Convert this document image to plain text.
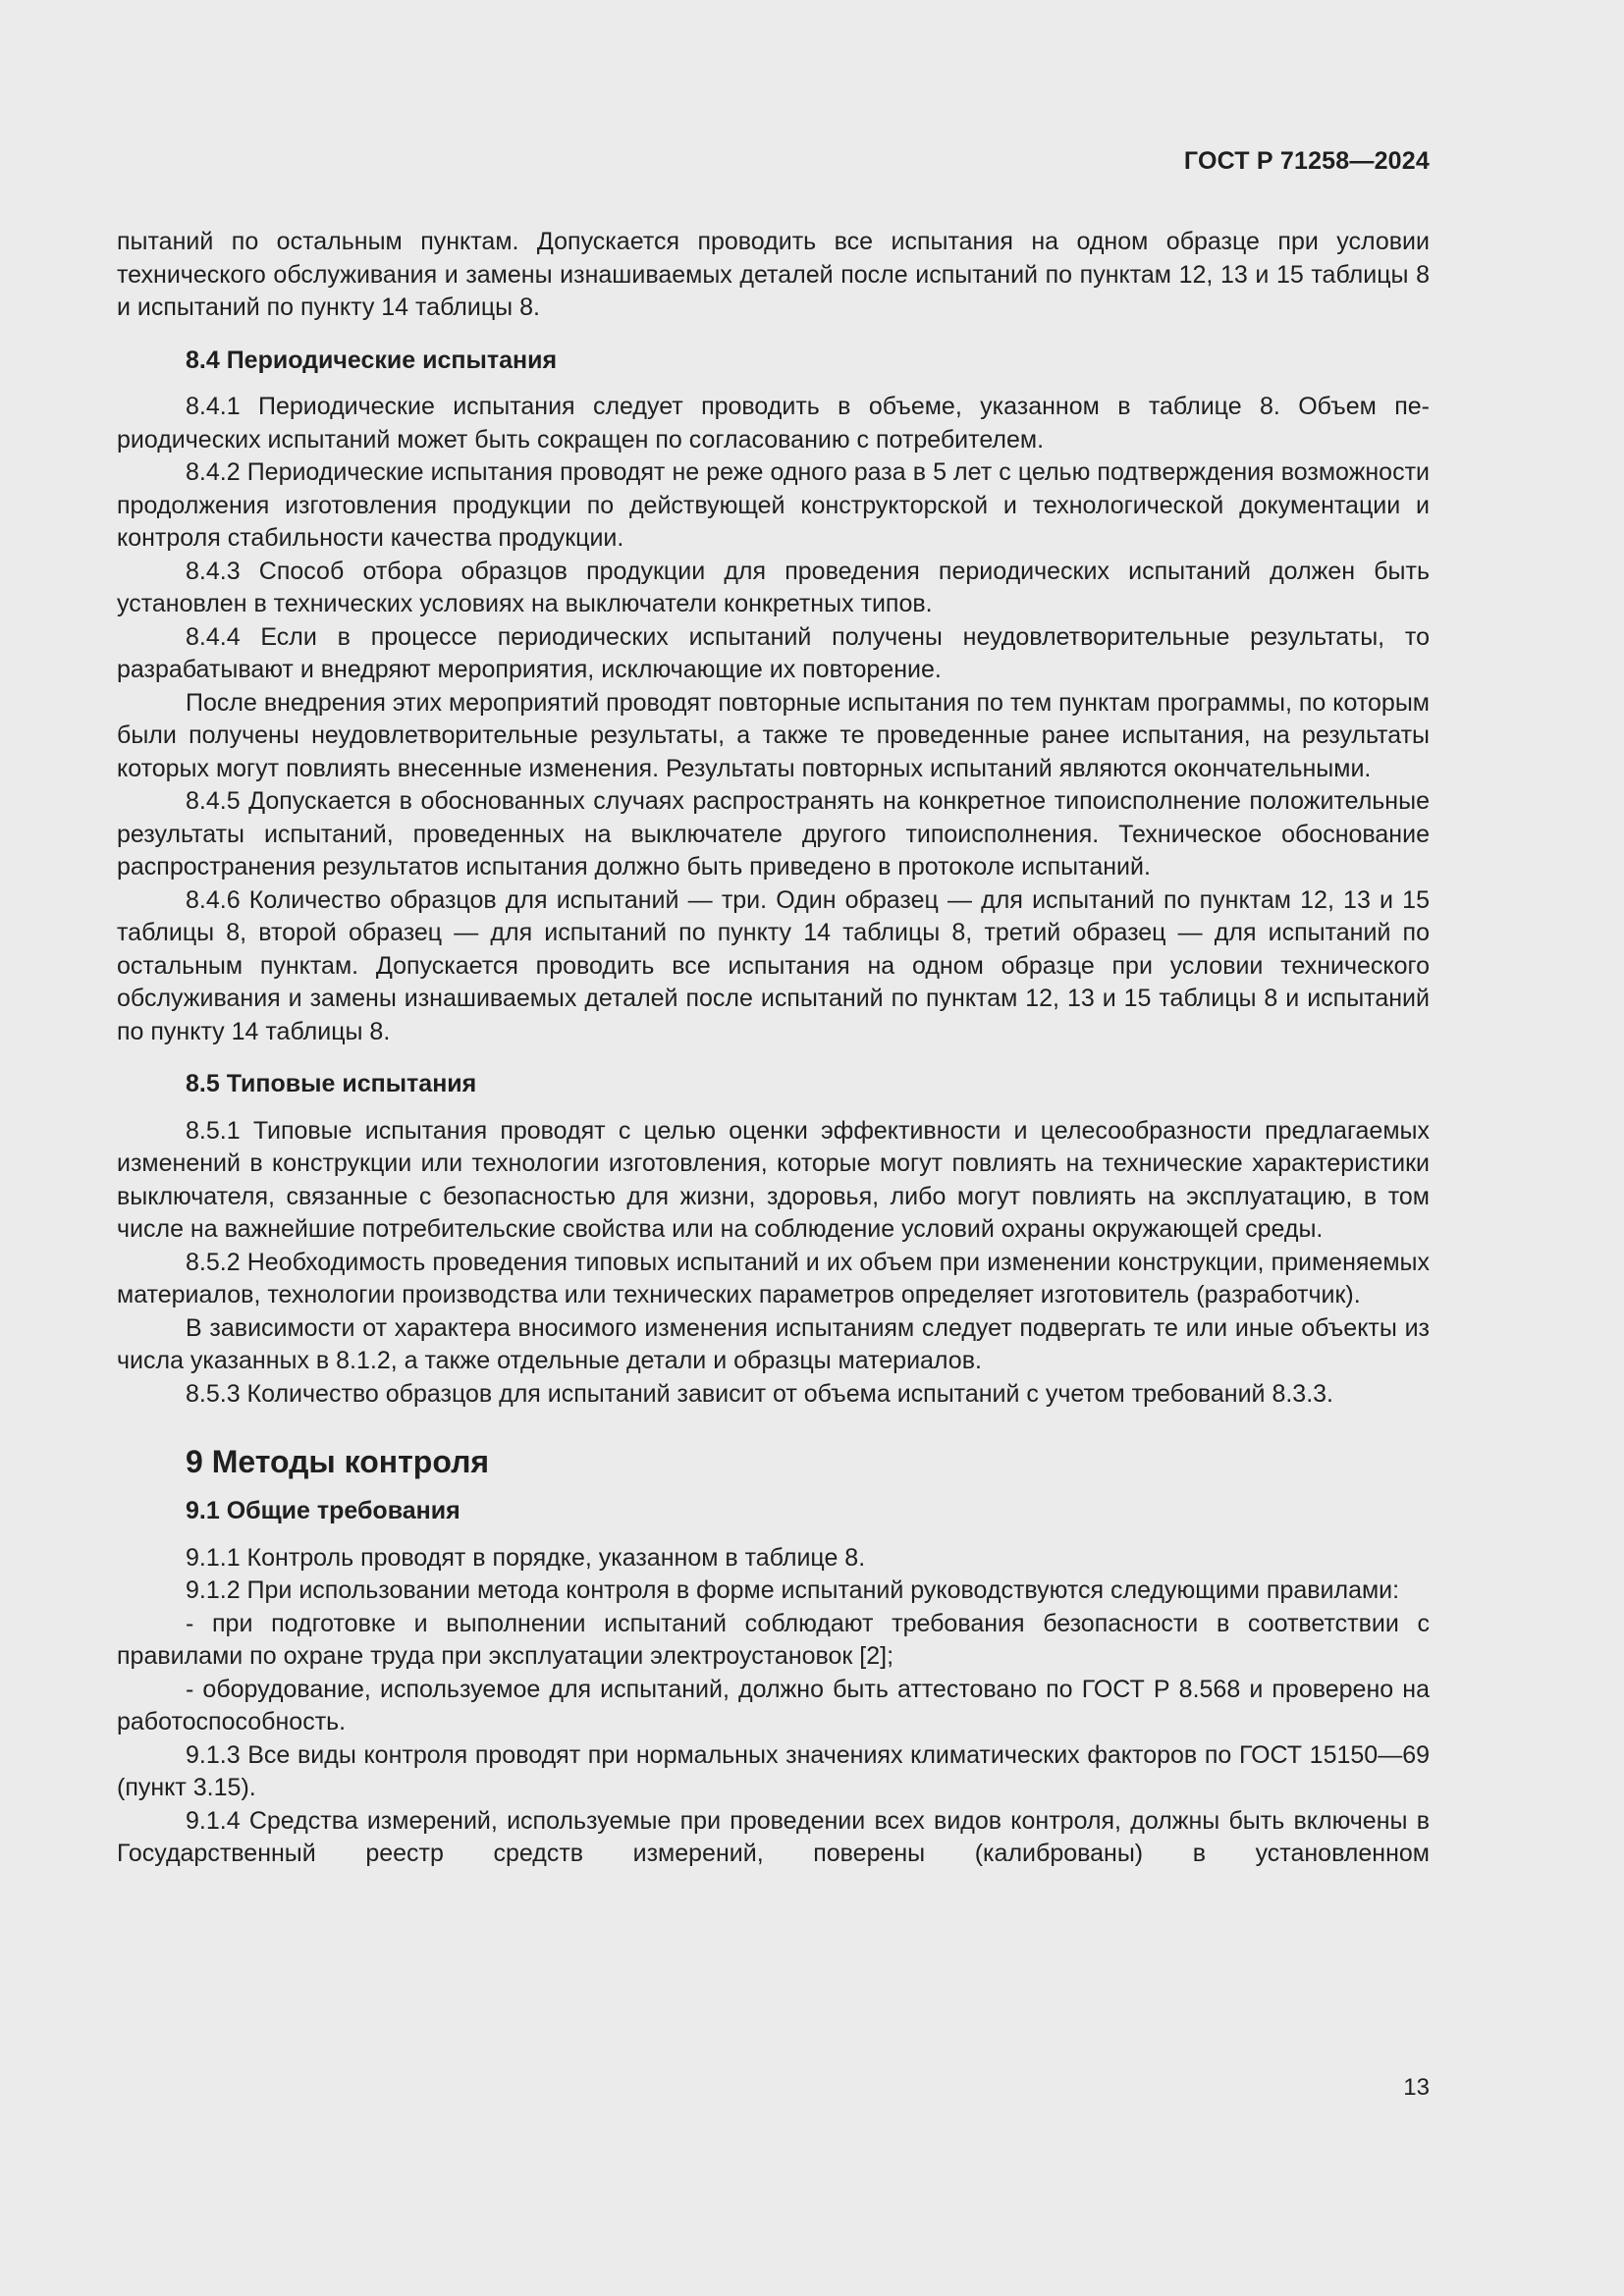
ГОСТ Р 71258—2024

пытаний по остальным пунктам. Допускается проводить все испытания на одном образце при условии технического обслуживания и замены изнашиваемых деталей после испытаний по пунктам 12, 13 и 15 таблицы 8 и испытаний по пункту 14 таблицы 8.

8.4 Периодические испытания

8.4.1 Периодические испытания следует проводить в объеме, указанном в таблице 8. Объем периодических испытаний может быть сокращен по согласованию с потребителем.

8.4.2 Периодические испытания проводят не реже одного раза в 5 лет с целью подтверждения возможности продолжения изготовления продукции по действующей конструкторской и технологической документации и контроля стабильности качества продукции.

8.4.3 Способ отбора образцов продукции для проведения периодических испытаний должен быть установлен в технических условиях на выключатели конкретных типов.

8.4.4 Если в процессе периодических испытаний получены неудовлетворительные результаты, то разрабатывают и внедряют мероприятия, исключающие их повторение.

После внедрения этих мероприятий проводят повторные испытания по тем пунктам программы, по которым были получены неудовлетворительные результаты, а также те проведенные ранее испытания, на результаты которых могут повлиять внесенные изменения. Результаты повторных испытаний являются окончательными.

8.4.5 Допускается в обоснованных случаях распространять на конкретное типоисполнение положительные результаты испытаний, проведенных на выключателе другого типоисполнения. Техническое обоснование распространения результатов испытания должно быть приведено в протоколе испытаний.

8.4.6 Количество образцов для испытаний — три. Один образец — для испытаний по пунктам 12, 13 и 15 таблицы 8, второй образец — для испытаний по пункту 14 таблицы 8, третий образец — для испытаний по остальным пунктам. Допускается проводить все испытания на одном образце при условии технического обслуживания и замены изнашиваемых деталей после испытаний по пунктам 12, 13 и 15 таблицы 8 и испытаний по пункту 14 таблицы 8.

8.5 Типовые испытания

8.5.1 Типовые испытания проводят с целью оценки эффективности и целесообразности предлагаемых изменений в конструкции или технологии изготовления, которые могут повлиять на технические характеристики выключателя, связанные с безопасностью для жизни, здоровья, либо могут повлиять на эксплуатацию, в том числе на важнейшие потребительские свойства или на соблюдение условий охраны окружающей среды.

8.5.2 Необходимость проведения типовых испытаний и их объем при изменении конструкции, применяемых материалов, технологии производства или технических параметров определяет изготовитель (разработчик).

В зависимости от характера вносимого изменения испытаниям следует подвергать те или иные объекты из числа указанных в 8.1.2, а также отдельные детали и образцы материалов.

8.5.3 Количество образцов для испытаний зависит от объема испытаний с учетом требований 8.3.3.

9 Методы контроля
9.1 Общие требования

9.1.1 Контроль проводят в порядке, указанном в таблице 8.

9.1.2 При использовании метода контроля в форме испытаний руководствуются следующими правилами:

- при подготовке и выполнении испытаний соблюдают требования безопасности в соответствии с правилами по охране труда при эксплуатации электроустановок [2];

- оборудование, используемое для испытаний, должно быть аттестовано по ГОСТ Р 8.568 и проверено на работоспособность.

9.1.3 Все виды контроля проводят при нормальных значениях климатических факторов по ГОСТ 15150—69 (пункт 3.15).

9.1.4 Средства измерений, используемые при проведении всех видов контроля, должны быть включены в Государственный реестр средств измерений, поверены (калиброваны) в установленном

13
